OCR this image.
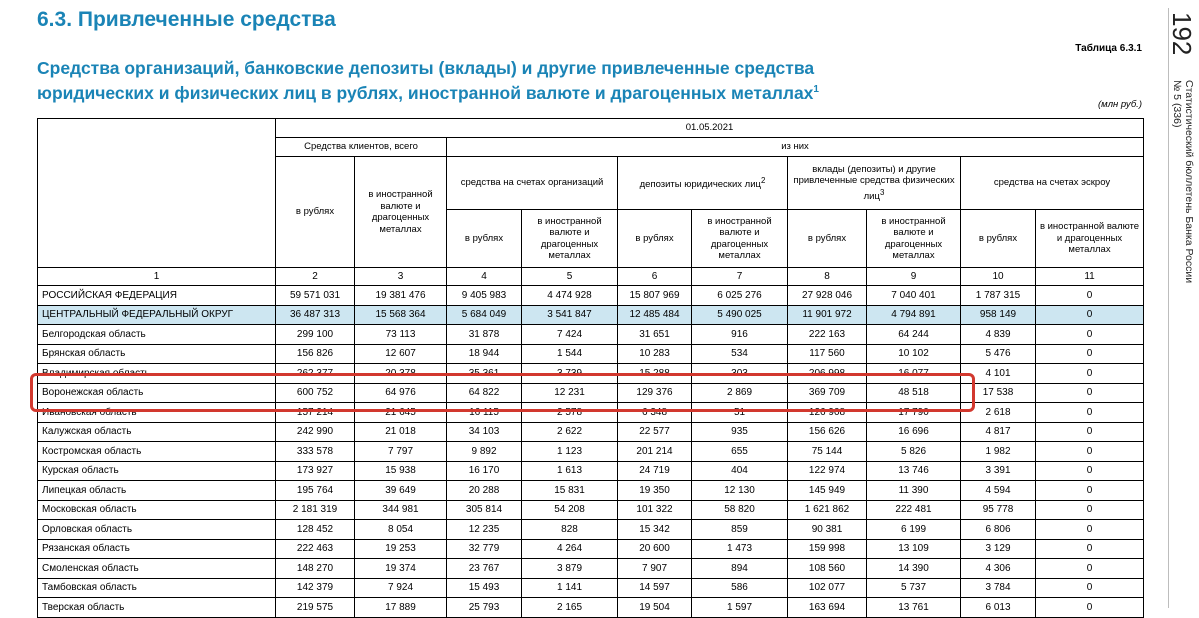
192
Статистический бюллетень Банка России
№ 5 (336)
6.3. Привлеченные средства
Таблица 6.3.1
Средства организаций, банковские депозиты (вклады) и другие привлеченные средства
юридических и физических лиц в рублях, иностранной валюте и драгоценных металлах$^1$
(млн руб.)
	01.05.2021									
	Средства клиентов, всего		из них							
	в рублях	в иностранной валюте и драгоценных металлах	средства на счетах организаций		депозиты юридических лиц$^2$		вклады (депозиты) и другие привлеченные средства физических лиц$^3$		средства на счетах эскроу	
			в рублях	в иностранной валюте и драгоценных металлах	в рублях	в иностранной валюте и драгоценных металлах	в рублях	в иностранной валюте и драгоценных металлах	в рублях	в иностранной валюте и драгоценных металлах
1	2	3	4	5	6	7	8	9	10	11
РОССИЙСКАЯ ФЕДЕРАЦИЯ	59 571 031	19 381 476	9 405 983	4 474 928	15 807 969	6 025 276	27 928 046	7 040 401	1 787 315	0
ЦЕНТРАЛЬНЫЙ ФЕДЕРАЛЬНЫЙ ОКРУГ	36 487 313	15 568 364	5 684 049	3 541 847	12 485 484	5 490 025	11 901 972	4 794 891	958 149	0
Белгородская область	299 100	73 113	31 878	7 424	31 651	916	222 163	64 244	4 839	0
Брянская область	156 826	12 607	18 944	1 544	10 283	534	117 560	10 102	5 476	0
Владимирская область	262 377	20 378	35 361	3 739	15 288	303	206 998	16 077	4 101	0
Воронежская область	600 752	64 976	64 822	12 231	129 376	2 869	369 709	48 518	17 538	0
Ивановская область	157 214	21 645	16 115	2 578	6 348	51	126 908	17 790	2 618	0
Калужская область	242 990	21 018	34 103	2 622	22 577	935	156 626	16 696	4 817	0
Костромская область	333 578	7 797	9 892	1 123	201 214	655	75 144	5 826	1 982	0
Курская область	173 927	15 938	16 170	1 613	24 719	404	122 974	13 746	3 391	0
Липецкая область	195 764	39 649	20 288	15 831	19 350	12 130	145 949	11 390	4 594	0
Московская область	2 181 319	344 981	305 814	54 208	101 322	58 820	1 621 862	222 481	95 778	0
Орловская область	128 452	8 054	12 235	828	15 342	859	90 381	6 199	6 806	0
Рязанская область	222 463	19 253	32 779	4 264	20 600	1 473	159 998	13 109	3 129	0
Смоленская область	148 270	19 374	23 767	3 879	7 907	894	108 560	14 390	4 306	0
Тамбовская область	142 379	7 924	15 493	1 141	14 597	586	102 077	5 737	3 784	0
Тверская область	219 575	17 889	25 793	2 165	19 504	1 597	163 694	13 761	6 013	0
